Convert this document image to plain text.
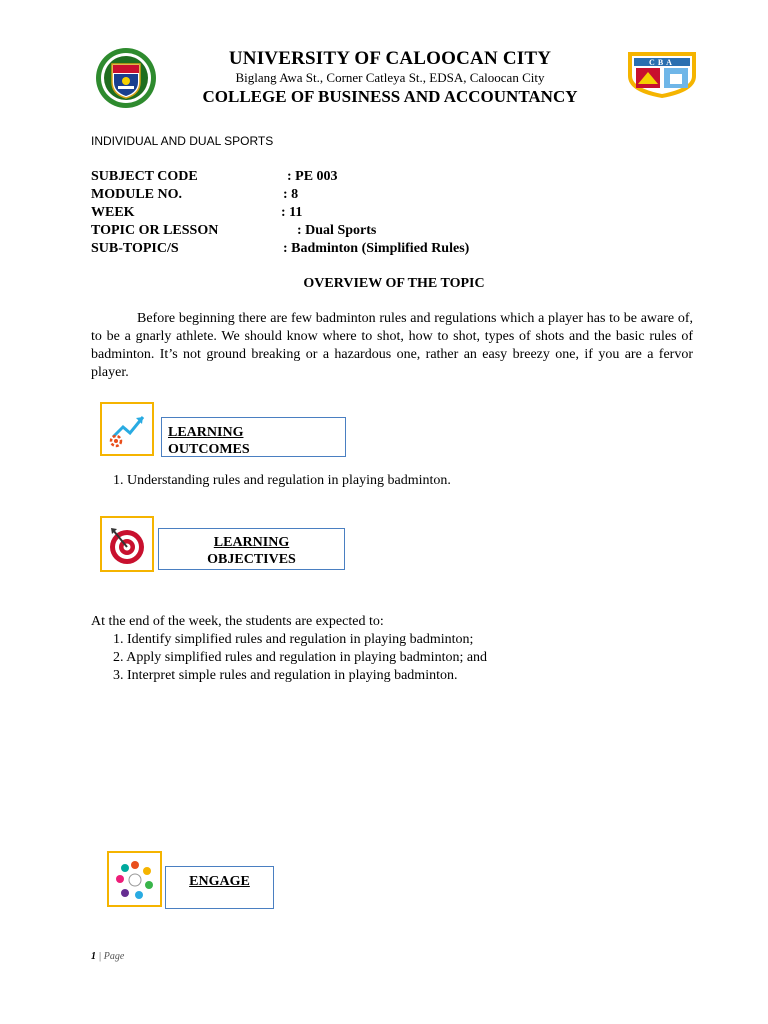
UNIVERSITY OF CALOOCAN CITY
Biglang Awa St., Corner Catleya St., EDSA, Caloocan City
COLLEGE OF BUSINESS AND ACCOUNTANCY
CBA
INDIVIDUAL AND DUAL SPORTS
SUBJECT CODE	: PE 003
MODULE NO.	: 8
WEEK	: 11
TOPIC OR LESSON	: Dual Sports
SUB-TOPIC/S	: Badminton (Simplified Rules)
OVERVIEW OF THE TOPIC
Before beginning there are few badminton rules and regulations which a player has to be aware of, to be a gnarly athlete. We should know where to shot, how to shot, types of shots and the basic rules of badminton. It’s not ground breaking or a hazardous one, rather an easy breezy one, if you are a fervor player.
LEARNING
OUTCOMES
1. Understanding rules and regulation in playing badminton.
LEARNING
OBJECTIVES
At the end of the week, the students are expected to:
1. Identify simplified rules and regulation in playing badminton;
2. Apply simplified rules and regulation in playing badminton; and
3. Interpret simple rules and regulation in playing badminton.
ENGAGE
1 | Page
